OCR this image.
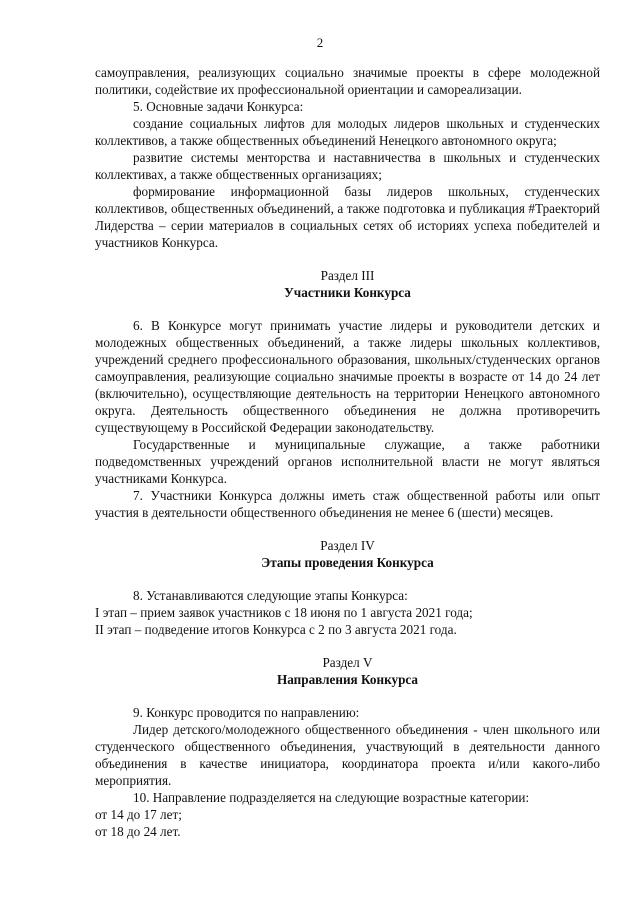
2

самоуправления, реализующих социально значимые проекты в сфере молодежной политики, содействие их профессиональной ориентации и самореализации.

5. Основные задачи Конкурса:

создание социальных лифтов для молодых лидеров школьных и студенческих коллективов, а также общественных объединений Ненецкого автономного округа;

развитие системы менторства и наставничества в школьных и студенческих коллективах, а также общественных организациях;

формирование информационной базы лидеров школьных, студенческих коллективов, общественных объединений, а также подготовка и публикация #Траекторий Лидерства – серии материалов в социальных сетях об историях успеха победителей и участников Конкурса.

Раздел III

Участники Конкурса

6. В Конкурсе могут принимать участие лидеры и руководители детских и молодежных общественных объединений, а также лидеры школьных коллективов, учреждений среднего профессионального образования, школьных/студенческих органов самоуправления, реализующие социально значимые проекты в возрасте от 14 до 24 лет (включительно), осуществляющие деятельность на территории Ненецкого автономного округа. Деятельность общественного объединения не должна противоречить существующему в Российской Федерации законодательству.

Государственные и муниципальные служащие, а также работники подведомственных учреждений органов исполнительной власти не могут являться участниками Конкурса.

7. Участники Конкурса должны иметь стаж общественной работы или опыт участия в деятельности общественного объединения не менее 6 (шести) месяцев.

Раздел IV

Этапы проведения Конкурса

8. Устанавливаются следующие этапы Конкурса:

I этап – прием заявок участников с 18 июня по 1 августа 2021 года;

II этап – подведение итогов Конкурса с 2 по 3 августа 2021 года.

Раздел V

Направления Конкурса

9. Конкурс проводится по направлению:

Лидер детского/молодежного общественного объединения - член школьного или студенческого общественного объединения, участвующий в деятельности данного объединения в качестве инициатора, координатора проекта и/или какого-либо мероприятия.

10. Направление подразделяется на следующие возрастные категории:

от 14 до 17 лет;

от 18 до 24 лет.
